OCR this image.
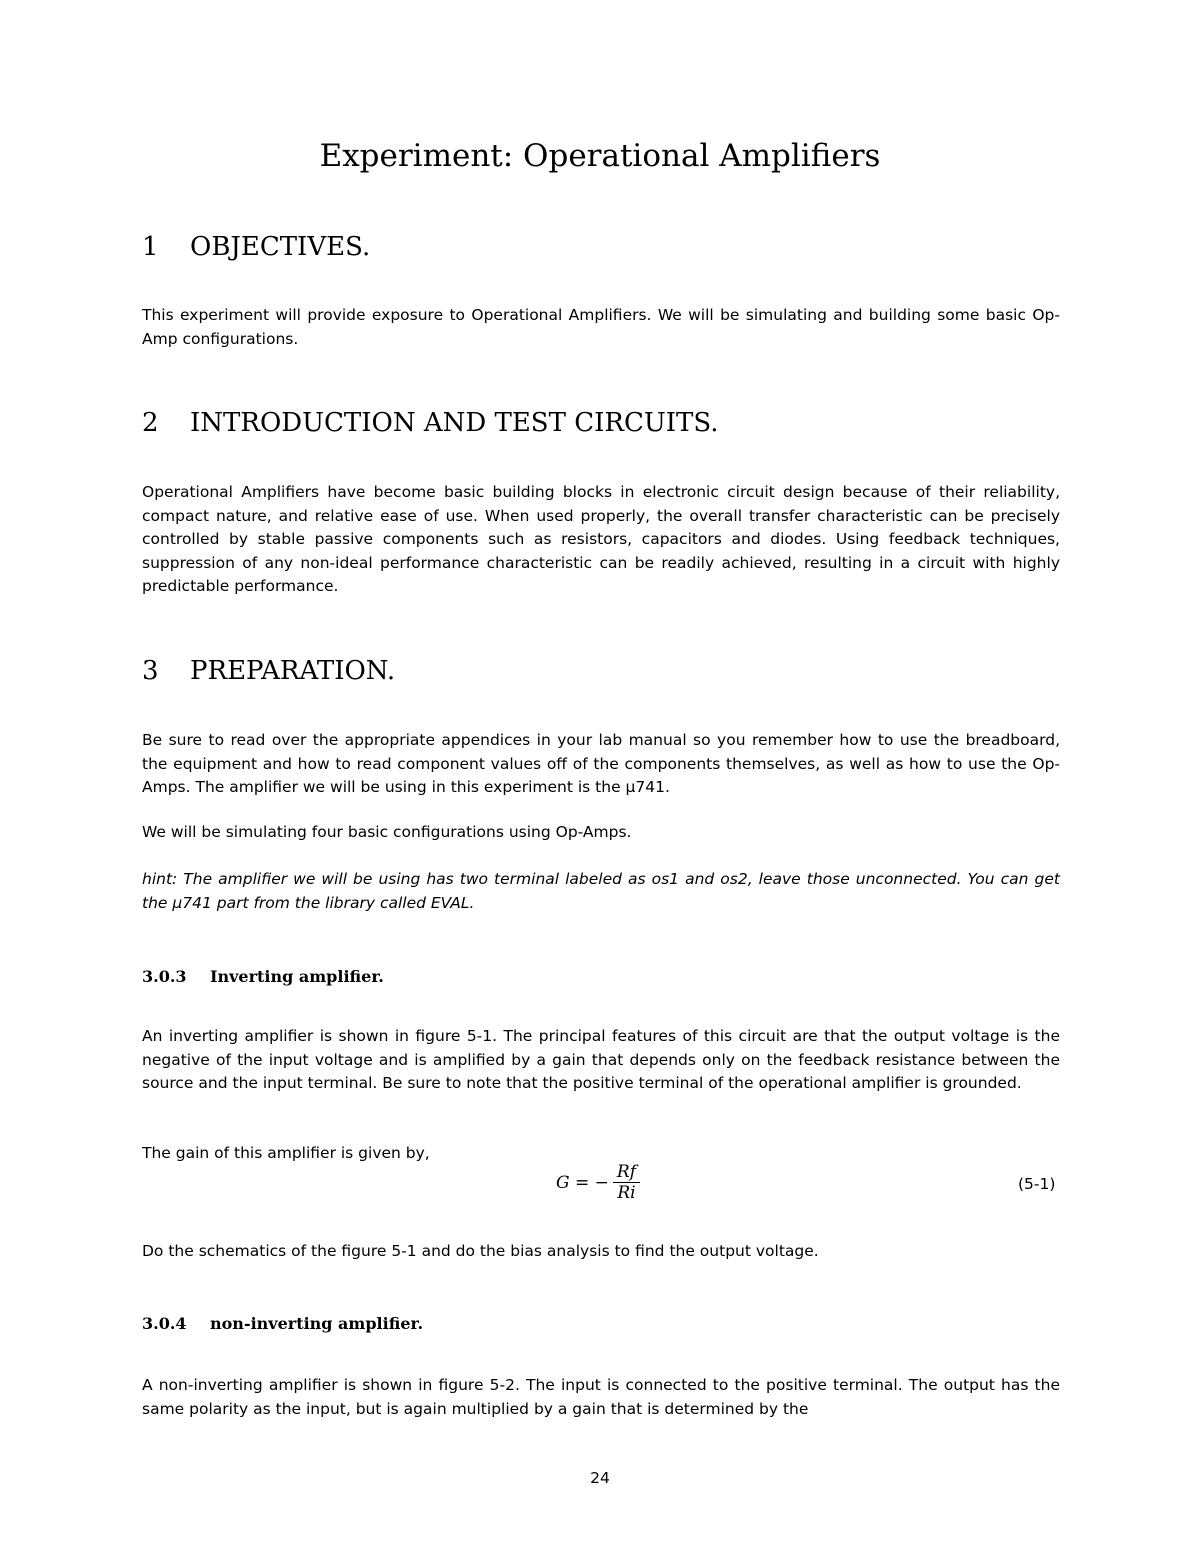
Experiment: Operational Amplifiers
1 OBJECTIVES.

This experiment will provide exposure to Operational Amplifiers. We will be simulating and building some basic Op-Amp configurations.

2 INTRODUCTION AND TEST CIRCUITS.

Operational Amplifiers have become basic building blocks in electronic circuit design because of their reliability, compact nature, and relative ease of use. When used properly, the overall transfer characteristic can be precisely controlled by stable passive components such as resistors, capacitors and diodes. Using feedback techniques, suppression of any non-ideal performance characteristic can be readily achieved, resulting in a circuit with highly predictable performance.

3 PREPARATION.

Be sure to read over the appropriate appendices in your lab manual so you remember how to use the breadboard, the equipment and how to read component values off of the components themselves, as well as how to use the Op-Amps. The amplifier we will be using in this experiment is the µ741.

We will be simulating four basic configurations using Op-Amps.

hint: The amplifier we will be using has two terminal labeled as os1 and os2, leave those unconnected. You can get the µ741 part from the library called EVAL.

3.0.3 Inverting amplifier.

An inverting amplifier is shown in figure 5-1. The principal features of this circuit are that the output voltage is the negative of the input voltage and is amplified by a gain that depends only on the feedback resistance between the source and the input terminal. Be sure to note that the positive terminal of the operational amplifier is grounded.

The gain of this amplifier is given by,

G = − $\frac{Rf}{Ri}$	(5-1)

Do the schematics of the figure 5-1 and do the bias analysis to find the output voltage.

3.0.4 non-inverting amplifier.

A non-inverting amplifier is shown in figure 5-2. The input is connected to the positive terminal. The output has the same polarity as the input, but is again multiplied by a gain that is determined by the

24
